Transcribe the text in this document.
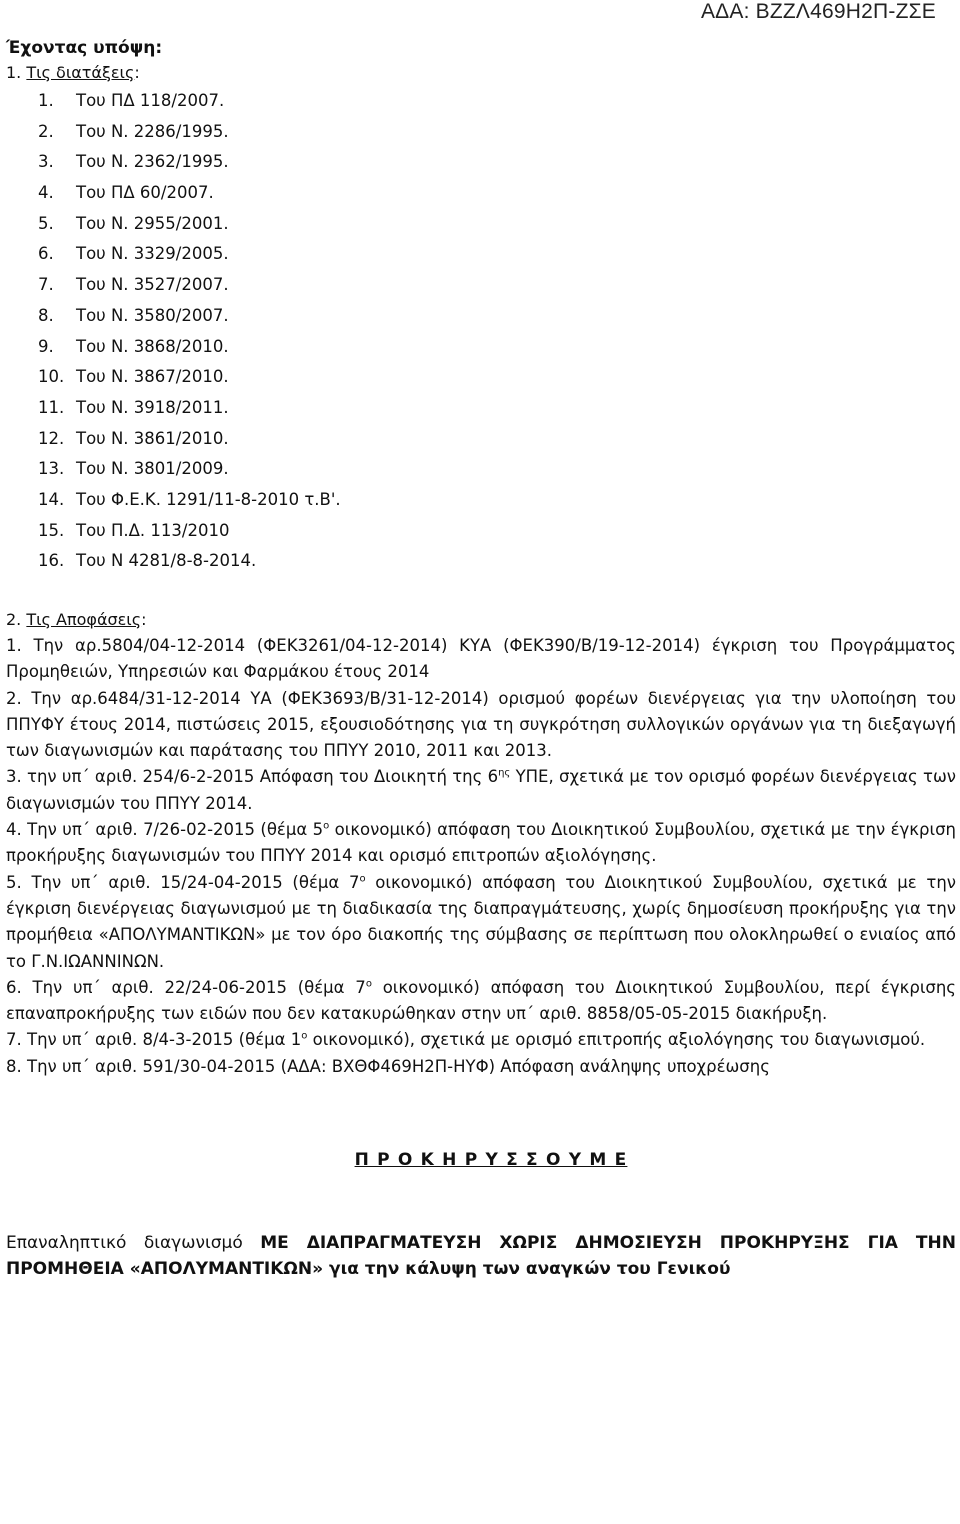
ΑΔΑ: ΒΖΖΛ469Η2Π-ΖΣΕ

Έχοντας υπόψη:

1. Τις διατάξεις:
1. Του ΠΔ 118/2007.
2. Του Ν. 2286/1995.
3. Του Ν. 2362/1995.
4. Του ΠΔ 60/2007.
5. Του Ν. 2955/2001.
6. Του Ν. 3329/2005.
7. Του Ν. 3527/2007.
8. Του Ν. 3580/2007.
9. Του Ν. 3868/2010.
10. Του Ν. 3867/2010.
11. Του Ν. 3918/2011.
12. Του Ν. 3861/2010.
13. Του Ν. 3801/2009.
14. Του Φ.Ε.Κ. 1291/11-8-2010 τ.Β'.
15. Του Π.Δ. 113/2010
16. Του Ν 4281/8-8-2014.
2. Τις Αποφάσεις:

1. Την αρ.5804/04-12-2014 (ΦΕΚ3261/04-12-2014) ΚΥΑ (ΦΕΚ390/Β/19-12-2014) έγκριση του Προγράμματος Προμηθειών, Υπηρεσιών και Φαρμάκου έτους 2014

2. Την αρ.6484/31-12-2014 ΥΑ (ΦΕΚ3693/Β/31-12-2014) ορισμού φορέων διενέργειας για την υλοποίηση του ΠΠΥΦΥ έτους 2014, πιστώσεις 2015, εξουσιοδότησης για τη συγκρότηση συλλογικών οργάνων για τη διεξαγωγή των διαγωνισμών και παράτασης του ΠΠΥΥ 2010, 2011 και 2013.

3. την υπ΄ αριθ. 254/6-2-2015 Απόφαση του Διοικητή της $6^{\eta\varsigma}$ ΥΠΕ, σχετικά με τον ορισμό φορέων διενέργειας των διαγωνισμών του ΠΠΥΥ 2014.

4. Την υπ΄ αριθ. 7/26-02-2015 (θέμα $5^o$ οικονομικό) απόφαση του Διοικητικού Συμβουλίου, σχετικά με την έγκριση προκήρυξης διαγωνισμών του ΠΠΥΥ 2014 και ορισμό επιτροπών αξιολόγησης.

5. Την υπ΄ αριθ. 15/24-04-2015 (θέμα $7^o$ οικονομικό) απόφαση του Διοικητικού Συμβουλίου, σχετικά με την έγκριση διενέργειας διαγωνισμού με τη διαδικασία της διαπραγμάτευσης, χωρίς δημοσίευση προκήρυξης για την προμήθεια «ΑΠΟΛΥΜΑΝΤΙΚΩΝ» με τον όρο διακοπής της σύμβασης σε περίπτωση που ολοκληρωθεί ο ενιαίος από το Γ.Ν.ΙΩΑΝΝΙΝΩΝ.

6. Την υπ΄ αριθ. 22/24-06-2015 (θέμα $7^o$ οικονομικό) απόφαση του Διοικητικού Συμβουλίου, περί έγκρισης επαναπροκήρυξης των ειδών που δεν κατακυρώθηκαν στην υπ΄ αριθ. 8858/05-05-2015 διακήρυξη.

7. Την υπ΄ αριθ. 8/4-3-2015 (θέμα $1^o$ οικονομικό), σχετικά με ορισμό επιτροπής αξιολόγησης του διαγωνισμού.

8. Την υπ΄ αριθ. 591/30-04-2015 (ΑΔΑ: ΒΧΘΦ469Η2Π-ΗΥΦ) Απόφαση ανάληψης υποχρέωσης

Π Ρ Ο Κ Η Ρ Υ Σ Σ Ο Υ Μ Ε

Επαναληπτικό διαγωνισμό ΜΕ ΔΙΑΠΡΑΓΜΑΤΕΥΣΗ ΧΩΡΙΣ ΔΗΜΟΣΙΕΥΣΗ ΠΡΟΚΗΡΥΞΗΣ ΓΙΑ ΤΗΝ ΠΡΟΜΗΘΕΙΑ «ΑΠΟΛΥΜΑΝΤΙΚΩΝ» για την κάλυψη των αναγκών του Γενικού
